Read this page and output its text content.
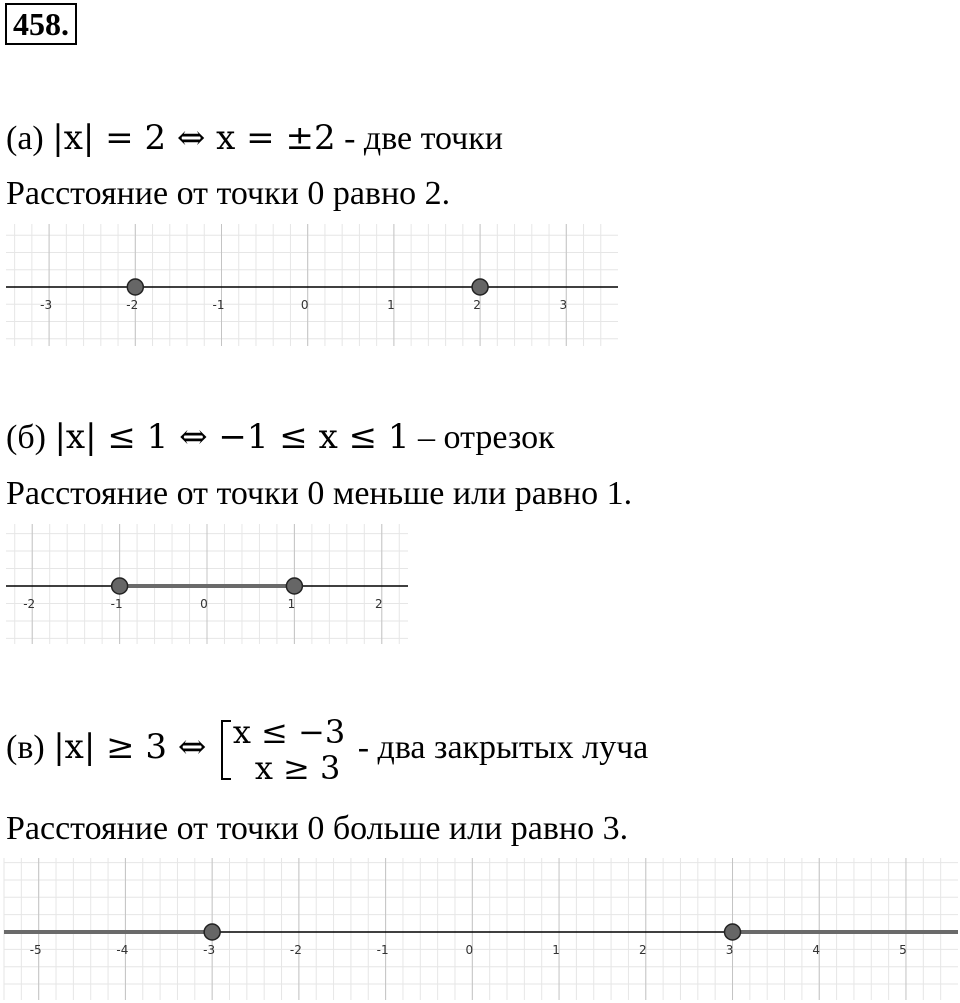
458.
(а) |x| = 2 ⇔ x = ±2 - две точки
Расстояние от точки 0 равно 2.
-3	-2	-1	0	1	2	3
(б) |x| ≤ 1 ⇔ −1 ≤ x ≤ 1 – отрезок
Расстояние от точки 0 меньше или равно 1.
-2	-1	0	1	2
(в) |x| ≥ 3 ⇔ x ≤ −3
x ≥ 3
- два закрытых луча
Расстояние от точки 0 больше или равно 3.
-5	-4	-3	-2	-1	0	1	2	3	4	5
